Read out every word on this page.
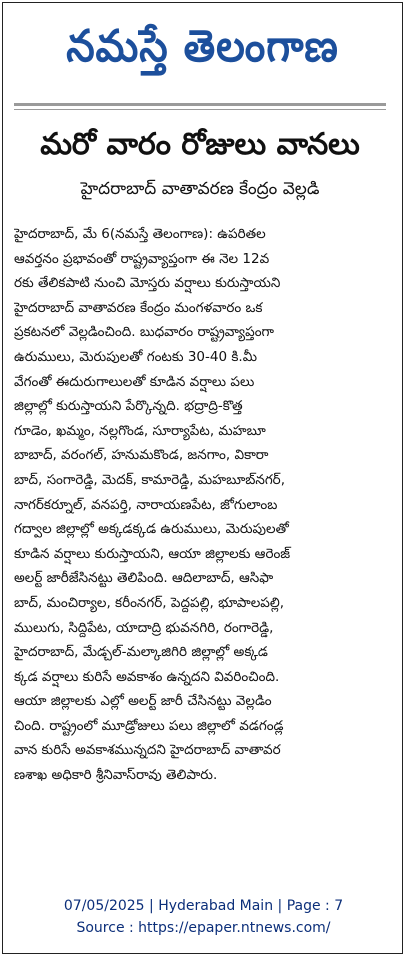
నమస్తే తెలంగాణ
మరో వారం రోజులు వానలు
హైదరాబాద్ వాతావరణ కేంద్రం వెల్లడి
హైదరాబాద్, మే 6(నమస్తే తెలంగాణ): ఉపరితల
ఆవర్తనం ప్రభావంతో రాష్ట్రవ్యాప్తంగా ఈ నెల 12వ
రకు తేలికపాటి నుంచి మోస్తరు వర్షాలు కురుస్తాయని
హైదరాబాద్ వాతావరణ కేంద్రం మంగళవారం ఒక
ప్రకటనలో వెల్లడించింది. బుధవారం రాష్ట్రవ్యాప్తంగా
ఉరుములు, మెరుపులతో గంటకు 30-40 కి.మీ
వేగంతో ఈదురుగాలులతో కూడిన వర్షాలు పలు
జిల్లాల్లో కురుస్తాయని పేర్కొన్నది. భద్రాద్రి-కొత్త
గూడెం, ఖమ్మం, నల్లగొండ, సూర్యాపేట, మహబూ
బాబాద్, వరంగల్, హనుమకొండ, జనగాం, వికారా
బాద్, సంగారెడ్డి, మెదక్, కామారెడ్డి, మహబూబ్‌నగర్,
నాగర్‌కర్నూల్, వనపర్తి, నారాయణపేట, జోగులాంబ
గద్వాల జిల్లాల్లో అక్కడక్కడ ఉరుములు, మెరుపులతో
కూడిన వర్షాలు కురుస్తాయని, ఆయా జిల్లాలకు ఆరెంజ్
అలర్ట్ జారీజేసినట్టు తెలిపింది. ఆదిలాబాద్, ఆసిఫా
బాద్, మంచిర్యాల, కరీంనగర్, పెద్దపల్లి, భూపాలపల్లి,
ములుగు, సిద్దిపేట, యాదాద్రి భువనగిరి, రంగారెడ్డి,
హైదరాబాద్, మేడ్చల్-మల్కాజిగిరి జిల్లాల్లో అక్కడ
క్కడ వర్షాలు కురిసే అవకాశం ఉన్నదని వివరించింది.
ఆయా జిల్లాలకు ఎల్లో అలర్ట్ జారీ చేసినట్టు వెల్లడిం
చింది. రాష్ట్రంలో మూడ్రోజులు పలు జిల్లాలో వడగండ్ల
వాన కురిసే అవకాశమున్నదని హైదరాబాద్ వాతావర
ణశాఖ అధికారి శ్రీనివాస్‌రావు తెలిపారు.
07/05/2025 | Hyderabad Main | Page : 7
Source : https://epaper.ntnews.com/
